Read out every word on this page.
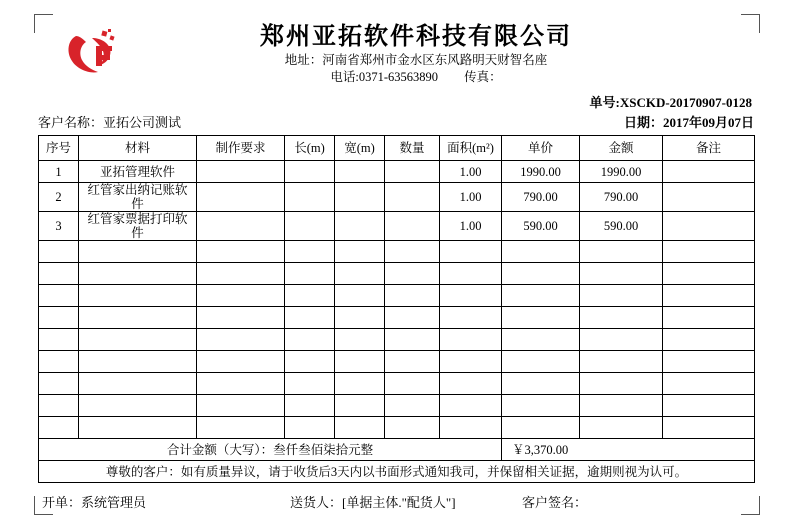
郑州亚拓软件科技有限公司
地址：河南省郑州市金水区东风路明天财智名座
电话:0371-63563890 传真：
单号:XSCKD-20170907-0128
客户名称：亚拓公司测试	日期：2017年09月07日
序号	材料	制作要求	长(m)	宽(m)	数量	面积(m²)	单价	金额	备注
1	亚拓管理软件					1.00	1990.00	1990.00	
2	红管家出纳记账软件					1.00	790.00	790.00	
3	红管家票据打印软件					1.00	590.00	590.00	

合计金额（大写）：叁仟叁佰柒拾元整							￥3,370.00		
尊敬的客户：如有质量异议，请于收货后3天内以书面形式通知我司，并保留相关证据，逾期则视为认可。									
开单：系统管理员	送货人：[单据主体."配货人"]	客户签名：
